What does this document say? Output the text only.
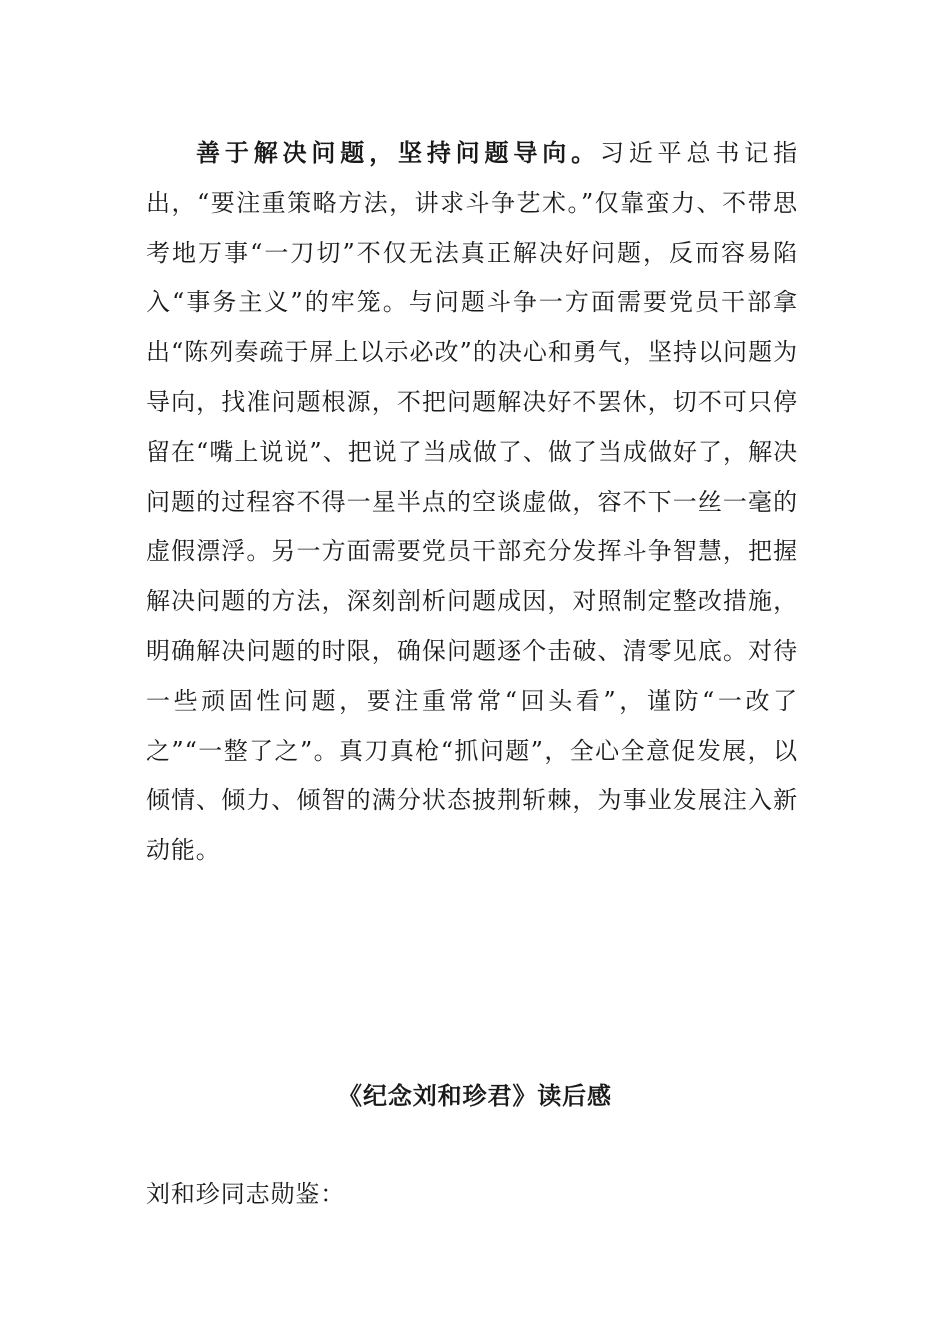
善于解决问题，坚持问题导向。习近平总书记指出，“要注重策略方法，讲求斗争艺术。”仅靠蛮力、不带思考地万事“一刀切”不仅无法真正解决好问题，反而容易陷入“事务主义”的牢笼。与问题斗争一方面需要党员干部拿出“陈列奏疏于屏上以示必改”的决心和勇气，坚持以问题为导向，找准问题根源，不把问题解决好不罢休，切不可只停留在“嘴上说说”、把说了当成做了、做了当成做好了，解决问题的过程容不得一星半点的空谈虚做，容不下一丝一毫的虚假漂浮。另一方面需要党员干部充分发挥斗争智慧，把握解决问题的方法，深刻剖析问题成因，对照制定整改措施，明确解决问题的时限，确保问题逐个击破、清零见底。对待一些顽固性问题，要注重常常“回头看”，谨防“一改了之”“一整了之”。真刀真枪“抓问题”，全心全意促发展，以倾情、倾力、倾智的满分状态披荆斩棘，为事业发展注入新动能。

《纪念刘和珍君》读后感

刘和珍同志勋鉴：
